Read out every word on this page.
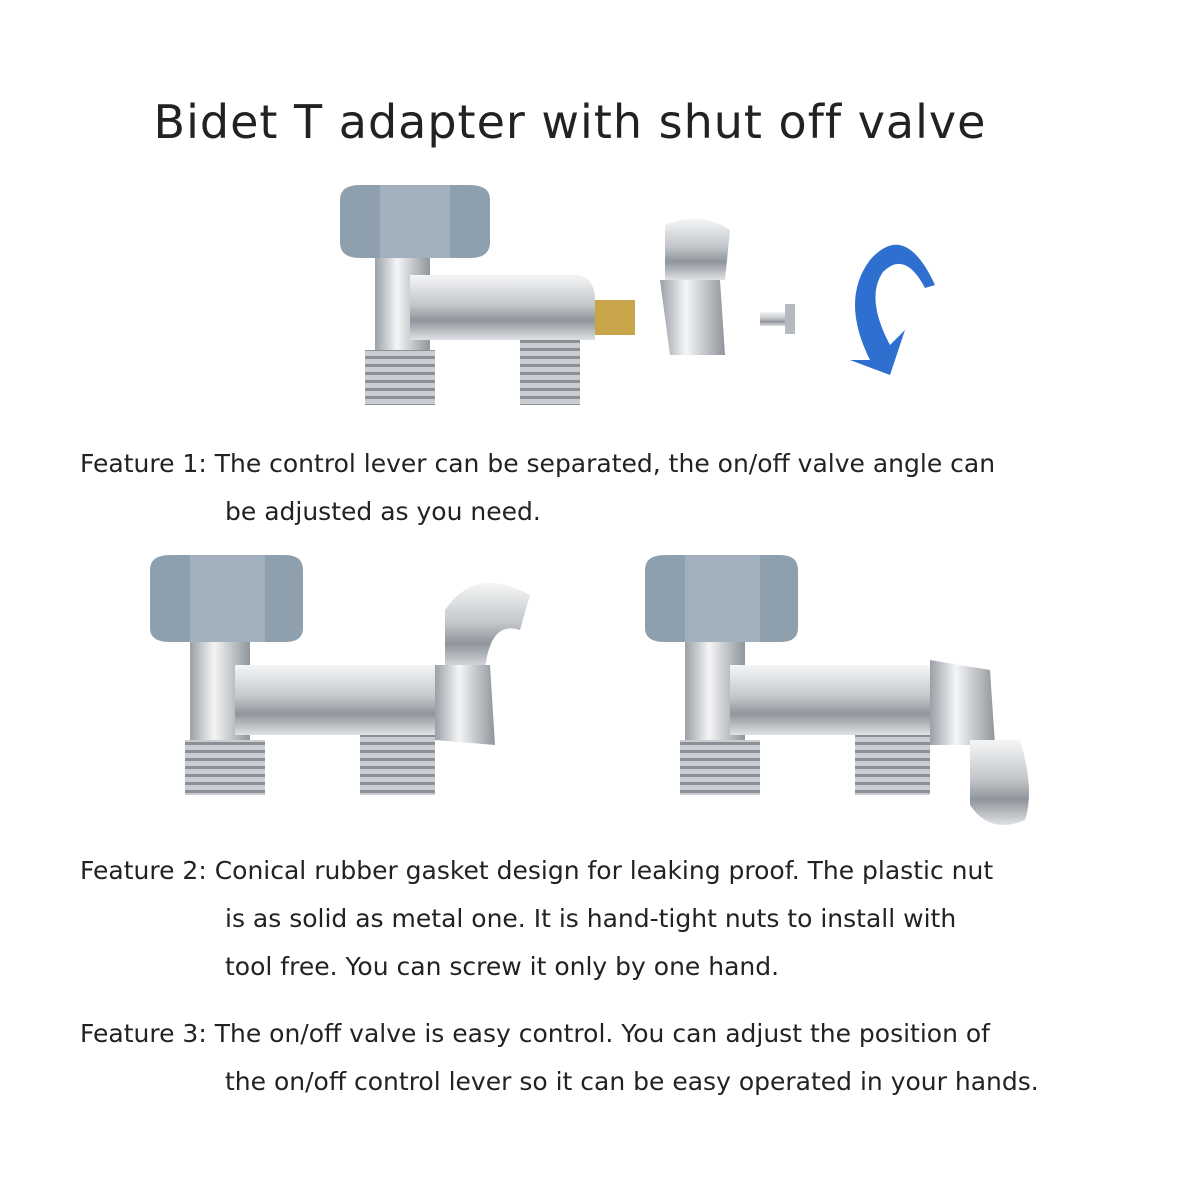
Bidet T adapter with shut off valve
Feature 1: The control lever can be separated, the on/off valve angle can
be adjusted as you need.
Feature 2: Conical rubber gasket design for leaking proof. The plastic nut
is as solid as metal one. It is hand-tight nuts to install with
tool free. You can screw it only by one hand.
Feature 3: The on/off valve is easy control. You can adjust the position of
the on/off control lever so it can be easy operated in your hands.
